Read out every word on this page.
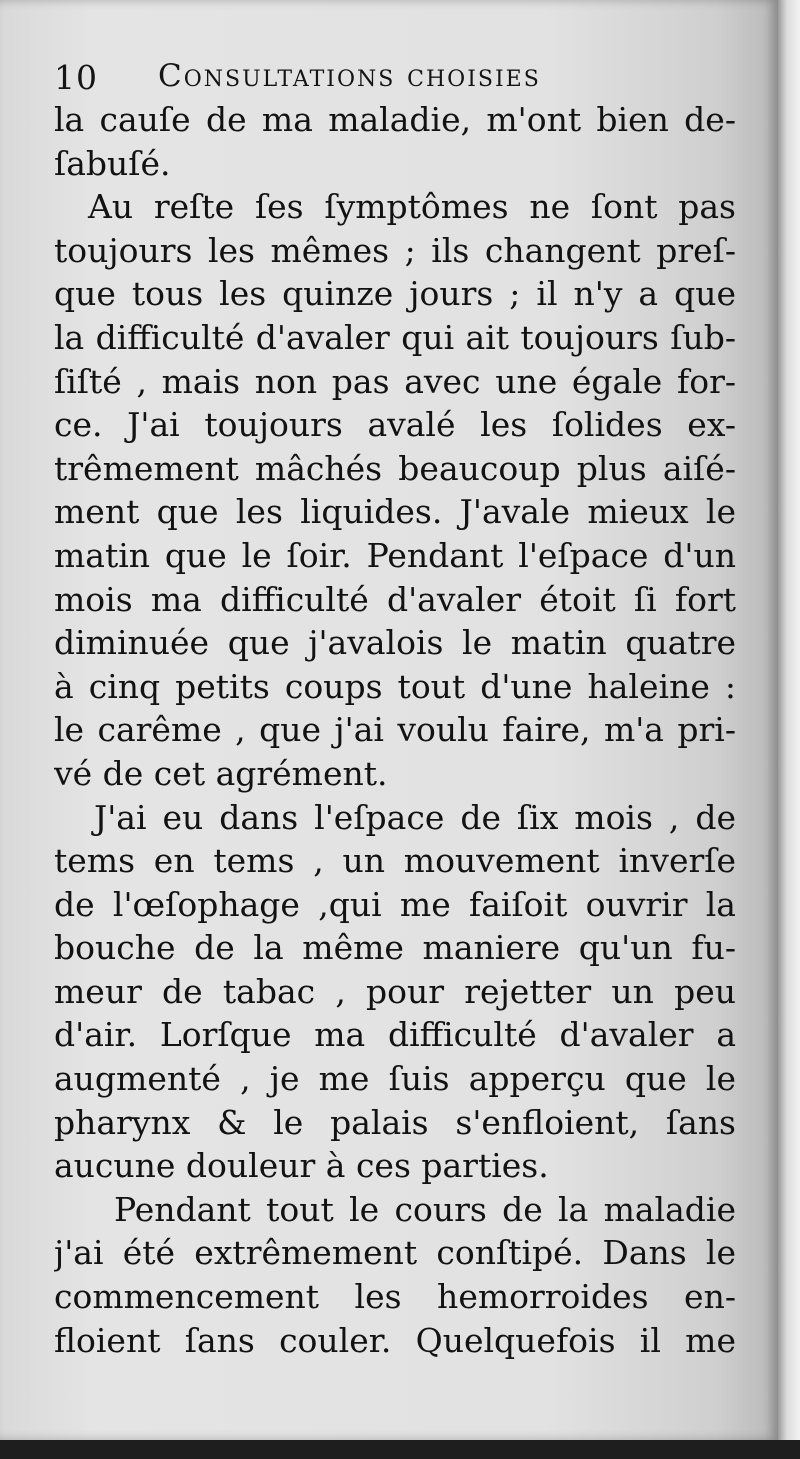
10 Consultations choisies
la cauſe de ma maladie, m'ont bien de-
ſabuſé.
Au reſte ſes ſymptômes ne ſont pas
toujours les mêmes ; ils changent preſ-
que tous les quinze jours ; il n'y a que
la difficulté d'avaler qui ait toujours ſub-
ſiſté , mais non pas avec une égale for-
ce. J'ai toujours avalé les ſolides ex-
trêmement mâchés beaucoup plus aiſé-
ment que les liquides. J'avale mieux le
matin que le ſoir. Pendant l'eſpace d'un
mois ma difficulté d'avaler étoit ſi fort
diminuée que j'avalois le matin quatre
à cinq petits coups tout d'une haleine :
le carême , que j'ai voulu faire, m'a pri-
vé de cet agrément.
J'ai eu dans l'eſpace de ſix mois , de
tems en tems , un mouvement inverſe
de l'œſophage ,qui me faiſoit ouvrir la
bouche de la même maniere qu'un fu-
meur de tabac , pour rejetter un peu
d'air. Lorſque ma difficulté d'avaler a
augmenté , je me ſuis apperçu que le
pharynx & le palais s'enfloient, ſans
aucune douleur à ces parties.
Pendant tout le cours de la maladie
j'ai été extrêmement conſtipé. Dans le
commencement les hemorroides en-
floient ſans couler. Quelquefois il me
